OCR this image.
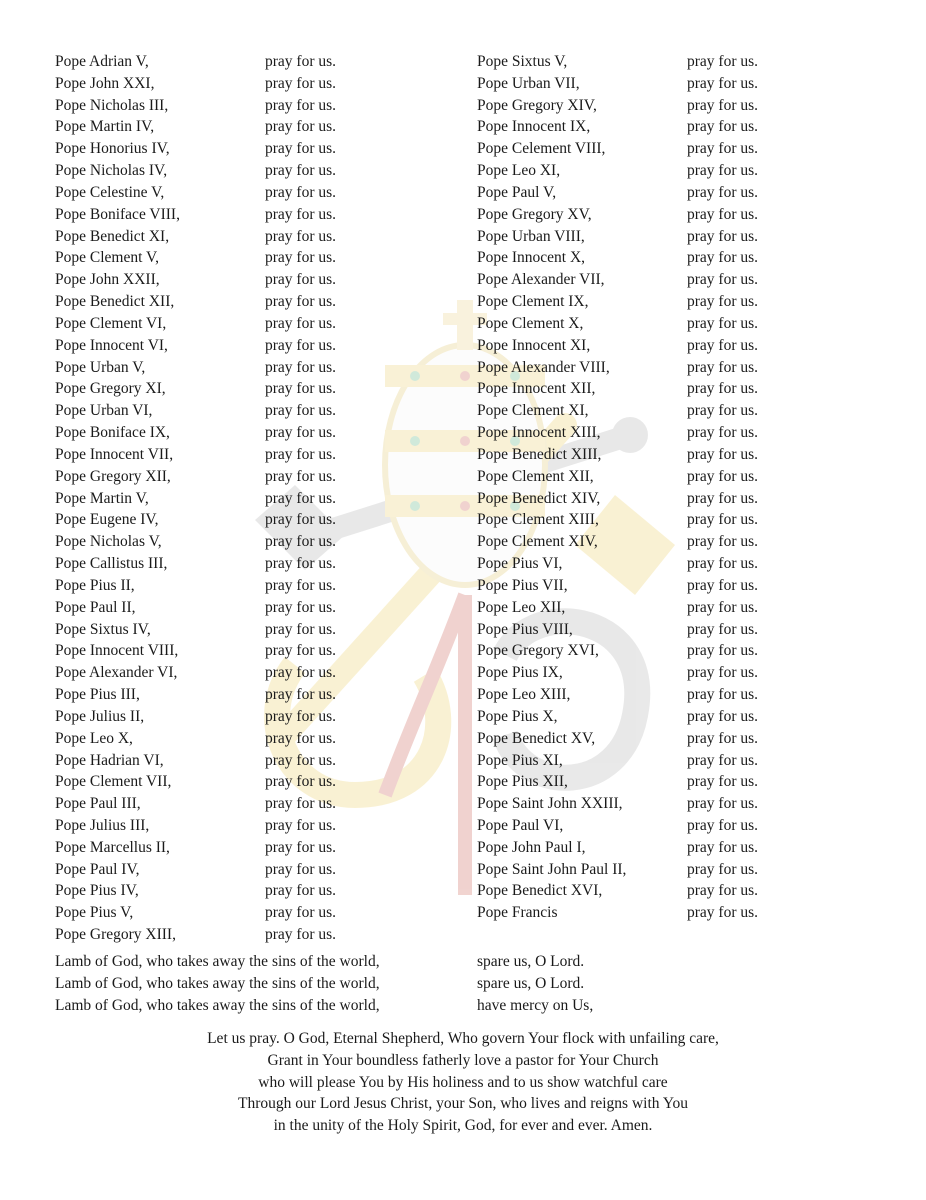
Pope Adrian V,	pray for us.
Pope John XXI,	pray for us.
Pope Nicholas III,	pray for us.
Pope Martin IV,	pray for us.
Pope Honorius IV,	pray for us.
Pope Nicholas IV,	pray for us.
Pope Celestine V,	pray for us.
Pope Boniface VIII,	pray for us.
Pope Benedict XI,	pray for us.
Pope Clement V,	pray for us.
Pope John XXII,	pray for us.
Pope Benedict XII,	pray for us.
Pope Clement VI,	pray for us.
Pope Innocent VI,	pray for us.
Pope Urban V,	pray for us.
Pope Gregory XI,	pray for us.
Pope Urban VI,	pray for us.
Pope Boniface IX,	pray for us.
Pope Innocent VII,	pray for us.
Pope Gregory XII,	pray for us.
Pope Martin V,	pray for us.
Pope Eugene IV,	pray for us.
Pope Nicholas V,	pray for us.
Pope Callistus III,	pray for us.
Pope Pius II,	pray for us.
Pope Paul II,	pray for us.
Pope Sixtus IV,	pray for us.
Pope Innocent VIII,	pray for us.
Pope Alexander VI,	pray for us.
Pope Pius III,	pray for us.
Pope Julius II,	pray for us.
Pope Leo X,	pray for us.
Pope Hadrian VI,	pray for us.
Pope Clement VII,	pray for us.
Pope Paul III,	pray for us.
Pope Julius III,	pray for us.
Pope Marcellus II,	pray for us.
Pope Paul IV,	pray for us.
Pope Pius IV,	pray for us.
Pope Pius V,	pray for us.
Pope Gregory XIII,	pray for us.
Pope Sixtus V,	pray for us.
Pope Urban VII,	pray for us.
Pope Gregory XIV,	pray for us.
Pope Innocent IX,	pray for us.
Pope Celement VIII,	pray for us.
Pope Leo XI,	pray for us.
Pope Paul V,	pray for us.
Pope Gregory XV,	pray for us.
Pope Urban VIII,	pray for us.
Pope Innocent X,	pray for us.
Pope Alexander VII,	pray for us.
Pope Clement IX,	pray for us.
Pope Clement X,	pray for us.
Pope Innocent XI,	pray for us.
Pope Alexander VIII,	pray for us.
Pope Innocent XII,	pray for us.
Pope Clement XI,	pray for us.
Pope Innocent XIII,	pray for us.
Pope Benedict XIII,	pray for us.
Pope Clement XII,	pray for us.
Pope Benedict XIV,	pray for us.
Pope Clement XIII,	pray for us.
Pope Clement XIV,	pray for us.
Pope Pius VI,	pray for us.
Pope Pius VII,	pray for us.
Pope Leo XII,	pray for us.
Pope Pius VIII,	pray for us.
Pope Gregory XVI,	pray for us.
Pope Pius IX,	pray for us.
Pope Leo XIII,	pray for us.
Pope Pius X,	pray for us.
Pope Benedict XV,	pray for us.
Pope Pius XI,	pray for us.
Pope Pius XII,	pray for us.
Pope Saint John XXIII,	pray for us.
Pope Paul VI,	pray for us.
Pope John Paul I,	pray for us.
Pope Saint John Paul II,	pray for us.
Pope Benedict XVI,	pray for us.
Pope Francis	pray for us.
Lamb of God, who takes away the sins of the world,	spare us, O Lord.
Lamb of God, who takes away the sins of the world,	spare us, O Lord.
Lamb of God, who takes away the sins of the world,	have mercy on Us,
Let us pray. O God, Eternal Shepherd, Who govern Your flock with unfailing care,
Grant in Your boundless fatherly love a pastor for Your Church
who will please You by His holiness and to us show watchful care
Through our Lord Jesus Christ, your Son, who lives and reigns with You
in the unity of the Holy Spirit, God, for ever and ever. Amen.
